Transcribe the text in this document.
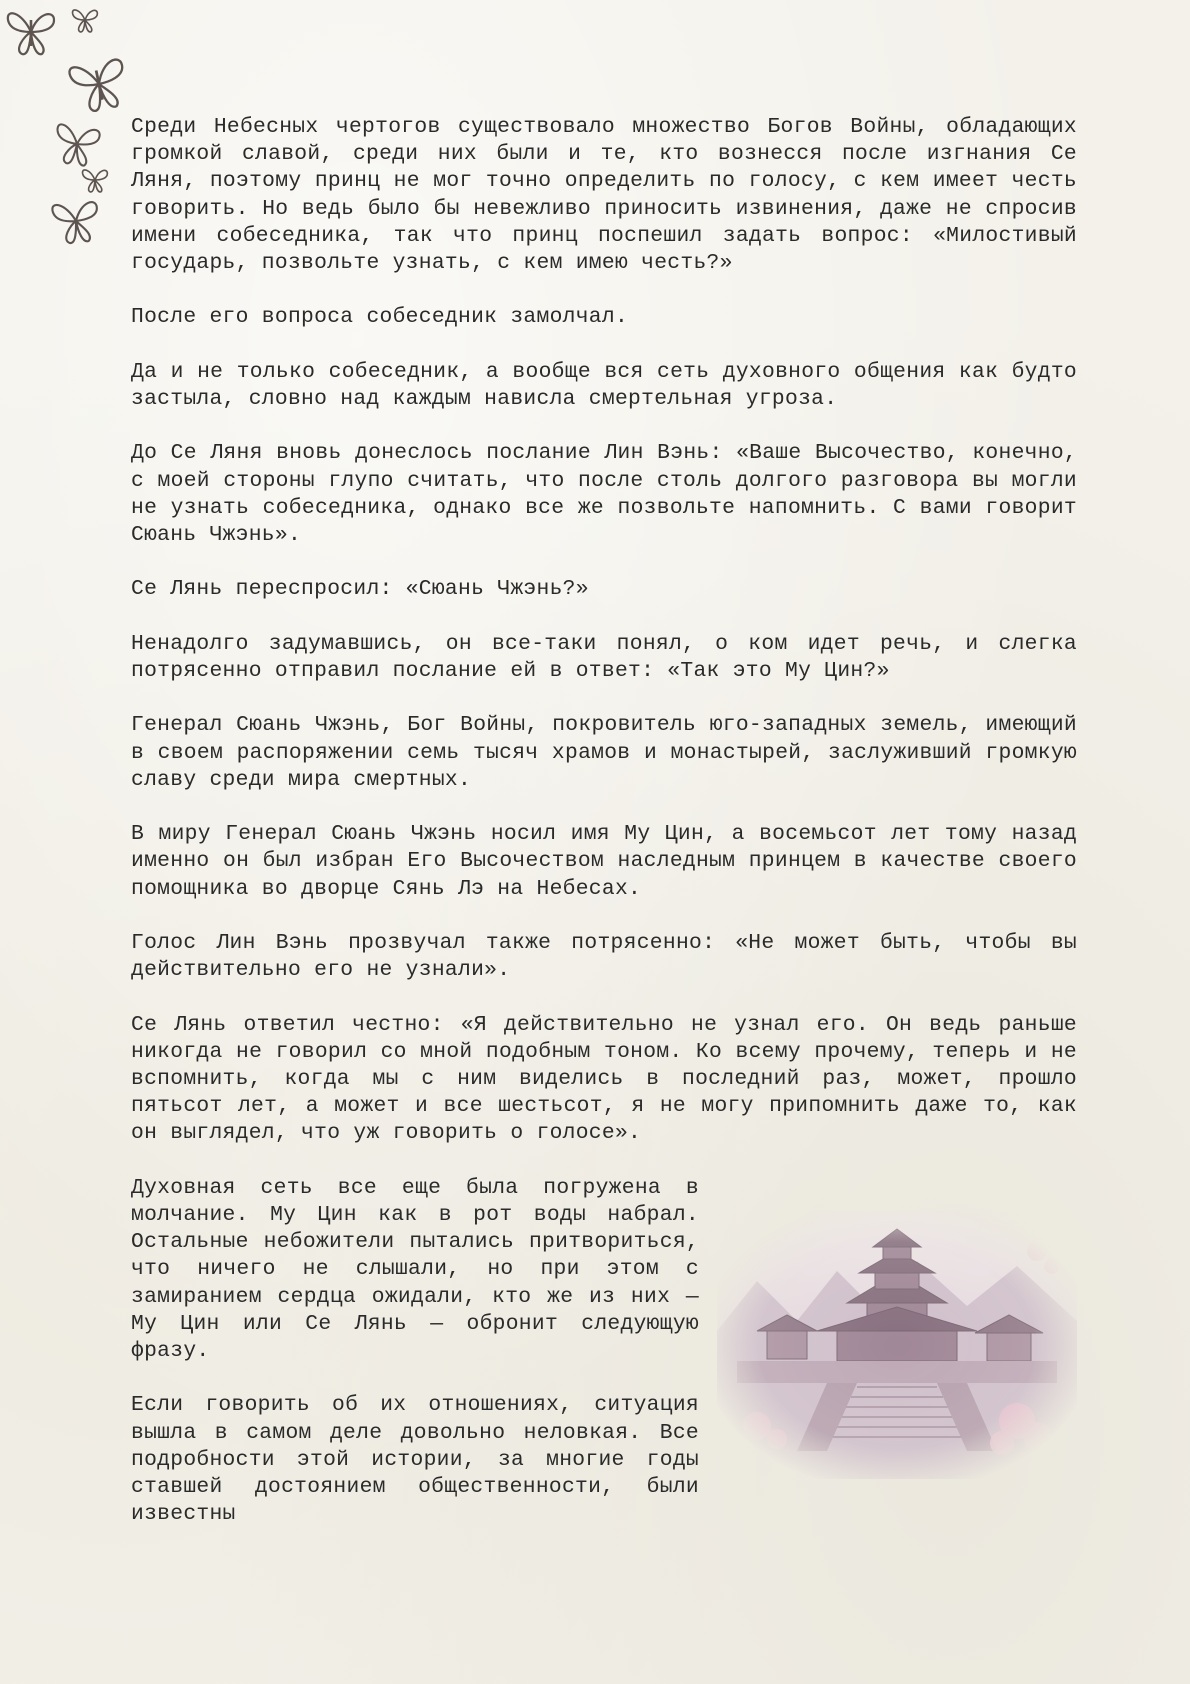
Среди Небесных чертогов существовало множество Богов Войны, обладающих громкой славой, среди них были и те, кто вознесся после изгнания Се Ляня, поэтому принц не мог точно определить по голосу, с кем имеет честь говорить. Но ведь было бы невежливо приносить извинения, даже не спросив имени собеседника, так что принц поспешил задать вопрос: «Милостивый государь, позвольте узнать, с кем имею честь?»

После его вопроса собеседник замолчал.

Да и не только собеседник, а вообще вся сеть духовного общения как будто застыла, словно над каждым нависла смертельная угроза.

До Се Ляня вновь донеслось послание Лин Вэнь: «Ваше Высочество, конечно, с моей стороны глупо считать, что после столь долгого разговора вы могли не узнать собеседника, однако все же позвольте напомнить. С вами говорит Сюань Чжэнь».

Се Лянь переспросил: «Сюань Чжэнь?»

Ненадолго задумавшись, он все-таки понял, о ком идет речь, и слегка потрясенно отправил послание ей в ответ: «Так это Му Цин?»

Генерал Сюань Чжэнь, Бог Войны, покровитель юго-западных земель, имеющий в своем распоряжении семь тысяч храмов и монастырей, заслуживший громкую славу среди мира смертных.

В миру Генерал Сюань Чжэнь носил имя Му Цин, а восемьсот лет тому назад именно он был избран Его Высочеством наследным принцем в качестве своего помощника во дворце Сянь Лэ на Небесах.

Голос Лин Вэнь прозвучал также потрясенно: «Не может быть, чтобы вы действительно его не узнали».

Се Лянь ответил честно: «Я действительно не узнал его. Он ведь раньше никогда не говорил со мной подобным тоном. Ко всему прочему, теперь и не вспомнить, когда мы с ним виделись в последний раз, может, прошло пятьсот лет, а может и все шестьсот, я не могу припомнить даже то, как он выглядел, что уж говорить о голосе».

Духовная сеть все еще была погружена в молчание. Му Цин как в рот воды набрал. Остальные небожители пытались притвориться, что ничего не слышали, но при этом с замиранием сердца ожидали, кто же из них — Му Цин или Се Лянь — обронит следующую фразу.

Если говорить об их отношениях, ситуация вышла в самом деле довольно неловкая. Все подробности этой истории, за многие годы ставшей достоянием общественности, были известны
